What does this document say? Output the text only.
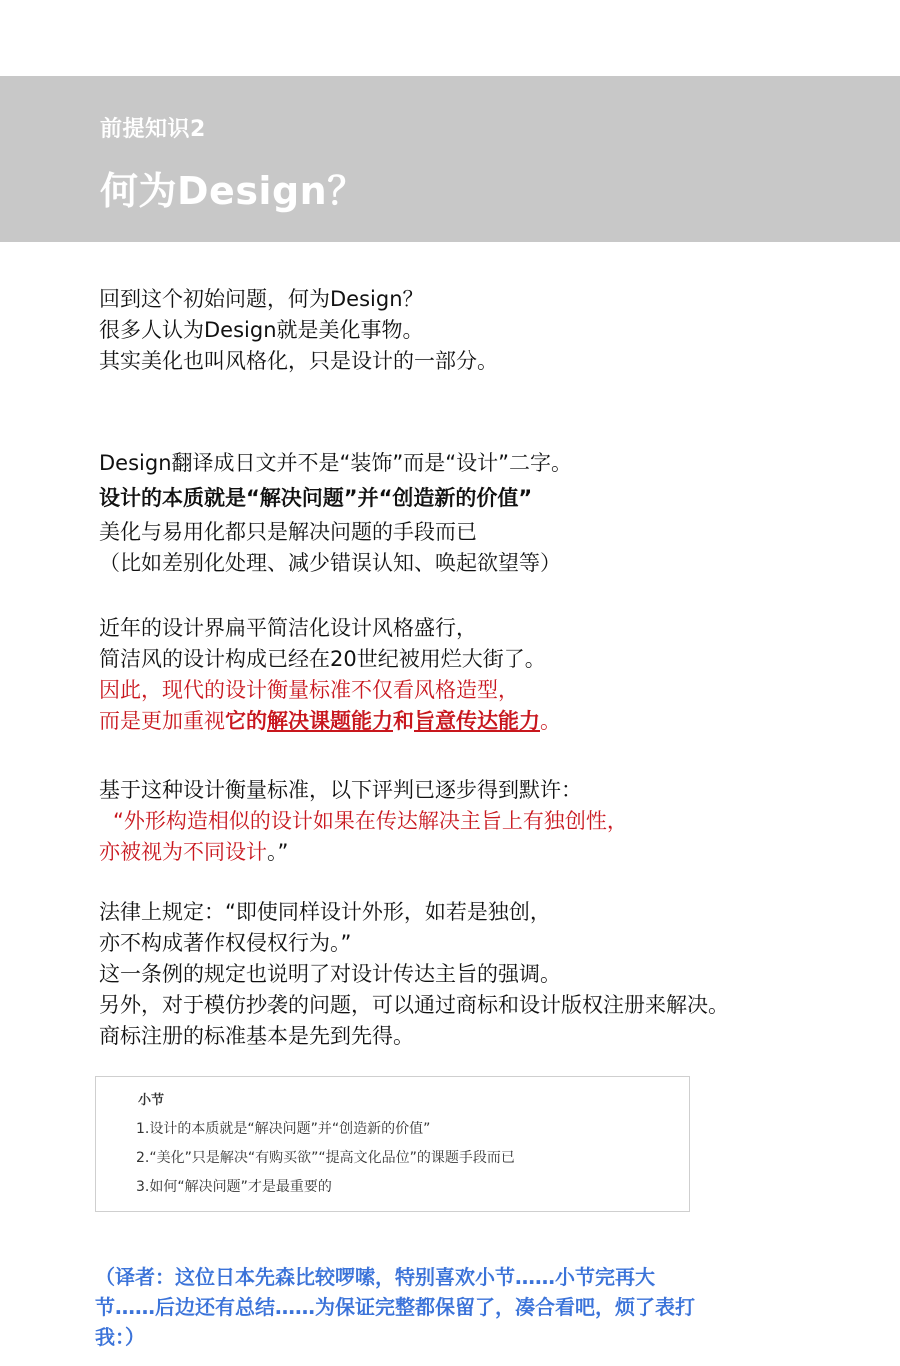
前提知识2
何为Design？
回到这个初始问题，何为Design？
很多人认为Design就是美化事物。
其实美化也叫风格化，只是设计的一部分。
Design翻译成日文并不是“装饰”而是“设计”二字。
设计的本质就是“解决问题”并“创造新的价值”
美化与易用化都只是解决问题的手段而已
（比如差别化处理、减少错误认知、唤起欲望等）
近年的设计界扁平简洁化设计风格盛行，
简洁风的设计构成已经在20世纪被用烂大街了。
因此，现代的设计衡量标准不仅看风格造型，
而是更加重视它的解决课题能力和旨意传达能力。
基于这种设计衡量标准，以下评判已逐步得到默许：
“外形构造相似的设计如果在传达解决主旨上有独创性，
亦被视为不同设计。”
法律上规定：“即使同样设计外形，如若是独创，
亦不构成著作权侵权行为。”
这一条例的规定也说明了对设计传达主旨的强调。
另外，对于模仿抄袭的问题，可以通过商标和设计版权注册来解决。
商标注册的标准基本是先到先得。
小节
1.设计的本质就是“解决问题”并“创造新的价值”
2.“美化”只是解决“有购买欲”“提高文化品位”的课题手段而已
3.如何“解决问题”才是最重要的
（译者：这位日本先森比较啰嗦，特别喜欢小节……小节完再大节……后边还有总结……为保证完整都保留了，凑合看吧，烦了表打我：）
